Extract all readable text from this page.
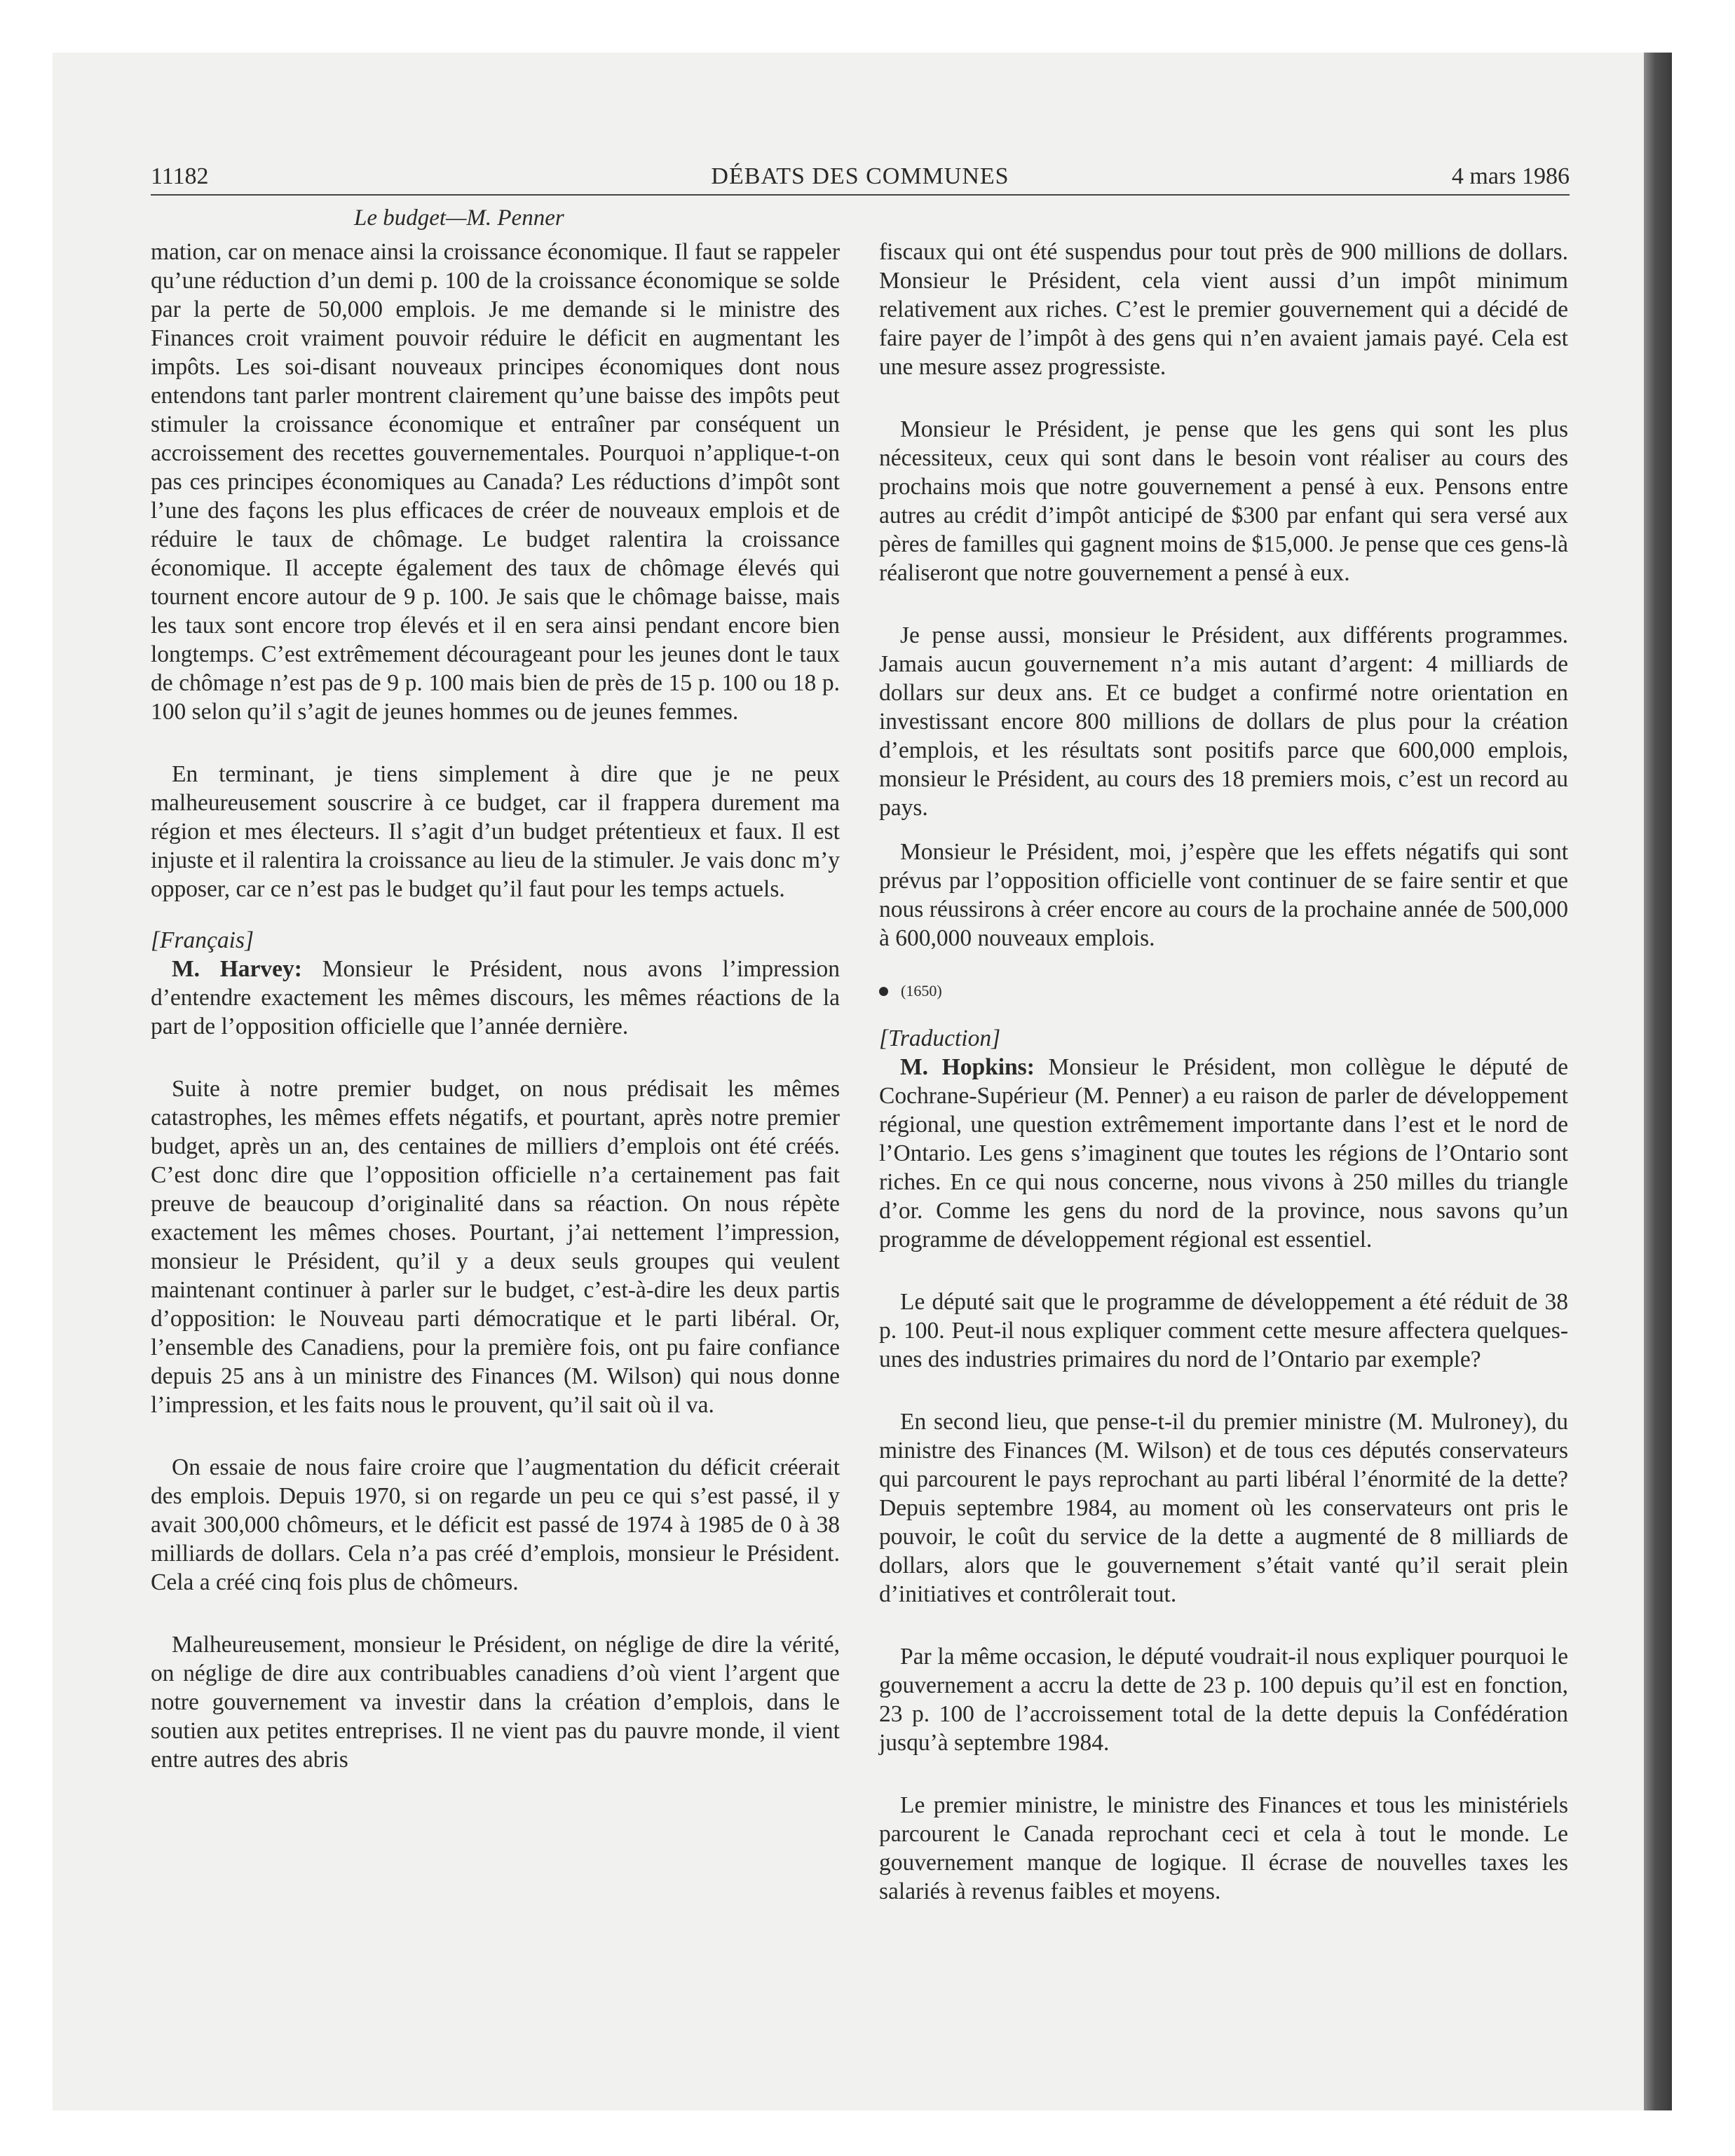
11182	DÉBATS DES COMMUNES	4 mars 1986
Le budget—M. Penner

mation, car on menace ainsi la croissance économique. Il faut se rappeler qu’une réduction d’un demi p. 100 de la croissance économique se solde par la perte de 50,000 emplois. Je me demande si le ministre des Finances croit vraiment pouvoir réduire le déficit en augmentant les impôts. Les soi-disant nouveaux principes économiques dont nous entendons tant parler montrent clairement qu’une baisse des impôts peut stimuler la croissance économique et entraîner par conséquent un accroissement des recettes gouvernementales. Pourquoi n’applique-t-on pas ces principes économiques au Canada? Les réductions d’impôt sont l’une des façons les plus efficaces de créer de nouveaux emplois et de réduire le taux de chômage. Le budget ralentira la croissance économique. Il accepte également des taux de chômage élevés qui tournent encore autour de 9 p. 100. Je sais que le chômage baisse, mais les taux sont encore trop élevés et il en sera ainsi pendant encore bien longtemps. C’est extrêmement décourageant pour les jeunes dont le taux de chômage n’est pas de 9 p. 100 mais bien de près de 15 p. 100 ou 18 p. 100 selon qu’il s’agit de jeunes hommes ou de jeunes femmes.

En terminant, je tiens simplement à dire que je ne peux malheureusement souscrire à ce budget, car il frappera durement ma région et mes électeurs. Il s’agit d’un budget prétentieux et faux. Il est injuste et il ralentira la croissance au lieu de la stimuler. Je vais donc m’y opposer, car ce n’est pas le budget qu’il faut pour les temps actuels.

[Français]

M. Harvey: Monsieur le Président, nous avons l’impression d’entendre exactement les mêmes discours, les mêmes réactions de la part de l’opposition officielle que l’année dernière.

Suite à notre premier budget, on nous prédisait les mêmes catastrophes, les mêmes effets négatifs, et pourtant, après notre premier budget, après un an, des centaines de milliers d’emplois ont été créés. C’est donc dire que l’opposition officielle n’a certainement pas fait preuve de beaucoup d’originalité dans sa réaction. On nous répète exactement les mêmes choses. Pourtant, j’ai nettement l’impression, monsieur le Président, qu’il y a deux seuls groupes qui veulent maintenant continuer à parler sur le budget, c’est-à-dire les deux partis d’opposition: le Nouveau parti démocratique et le parti libéral. Or, l’ensemble des Canadiens, pour la première fois, ont pu faire confiance depuis 25 ans à un ministre des Finances (M. Wilson) qui nous donne l’impression, et les faits nous le prouvent, qu’il sait où il va.

On essaie de nous faire croire que l’augmentation du déficit créerait des emplois. Depuis 1970, si on regarde un peu ce qui s’est passé, il y avait 300,000 chômeurs, et le déficit est passé de 1974 à 1985 de 0 à 38 milliards de dollars. Cela n’a pas créé d’emplois, monsieur le Président. Cela a créé cinq fois plus de chômeurs.

Malheureusement, monsieur le Président, on néglige de dire la vérité, on néglige de dire aux contribuables canadiens d’où vient l’argent que notre gouvernement va investir dans la création d’emplois, dans le soutien aux petites entreprises. Il ne vient pas du pauvre monde, il vient entre autres des abris

fiscaux qui ont été suspendus pour tout près de 900 millions de dollars. Monsieur le Président, cela vient aussi d’un impôt minimum relativement aux riches. C’est le premier gouvernement qui a décidé de faire payer de l’impôt à des gens qui n’en avaient jamais payé. Cela est une mesure assez progressiste.

Monsieur le Président, je pense que les gens qui sont les plus nécessiteux, ceux qui sont dans le besoin vont réaliser au cours des prochains mois que notre gouvernement a pensé à eux. Pensons entre autres au crédit d’impôt anticipé de $300 par enfant qui sera versé aux pères de familles qui gagnent moins de $15,000. Je pense que ces gens-là réaliseront que notre gouvernement a pensé à eux.

Je pense aussi, monsieur le Président, aux différents programmes. Jamais aucun gouvernement n’a mis autant d’argent: 4 milliards de dollars sur deux ans. Et ce budget a confirmé notre orientation en investissant encore 800 millions de dollars de plus pour la création d’emplois, et les résultats sont positifs parce que 600,000 emplois, monsieur le Président, au cours des 18 premiers mois, c’est un record au pays.

Monsieur le Président, moi, j’espère que les effets négatifs qui sont prévus par l’opposition officielle vont continuer de se faire sentir et que nous réussirons à créer encore au cours de la prochaine année de 500,000 à 600,000 nouveaux emplois.

(1650)

[Traduction]

M. Hopkins: Monsieur le Président, mon collègue le député de Cochrane-Supérieur (M. Penner) a eu raison de parler de développement régional, une question extrêmement importante dans l’est et le nord de l’Ontario. Les gens s’imaginent que toutes les régions de l’Ontario sont riches. En ce qui nous concerne, nous vivons à 250 milles du triangle d’or. Comme les gens du nord de la province, nous savons qu’un programme de développement régional est essentiel.

Le député sait que le programme de développement a été réduit de 38 p. 100. Peut-il nous expliquer comment cette mesure affectera quelques-unes des industries primaires du nord de l’Ontario par exemple?

En second lieu, que pense-t-il du premier ministre (M. Mulroney), du ministre des Finances (M. Wilson) et de tous ces députés conservateurs qui parcourent le pays reprochant au parti libéral l’énormité de la dette? Depuis septembre 1984, au moment où les conservateurs ont pris le pouvoir, le coût du service de la dette a augmenté de 8 milliards de dollars, alors que le gouvernement s’était vanté qu’il serait plein d’initiatives et contrôlerait tout.

Par la même occasion, le député voudrait-il nous expliquer pourquoi le gouvernement a accru la dette de 23 p. 100 depuis qu’il est en fonction, 23 p. 100 de l’accroissement total de la dette depuis la Confédération jusqu’à septembre 1984.

Le premier ministre, le ministre des Finances et tous les ministériels parcourent le Canada reprochant ceci et cela à tout le monde. Le gouvernement manque de logique. Il écrase de nouvelles taxes les salariés à revenus faibles et moyens.
